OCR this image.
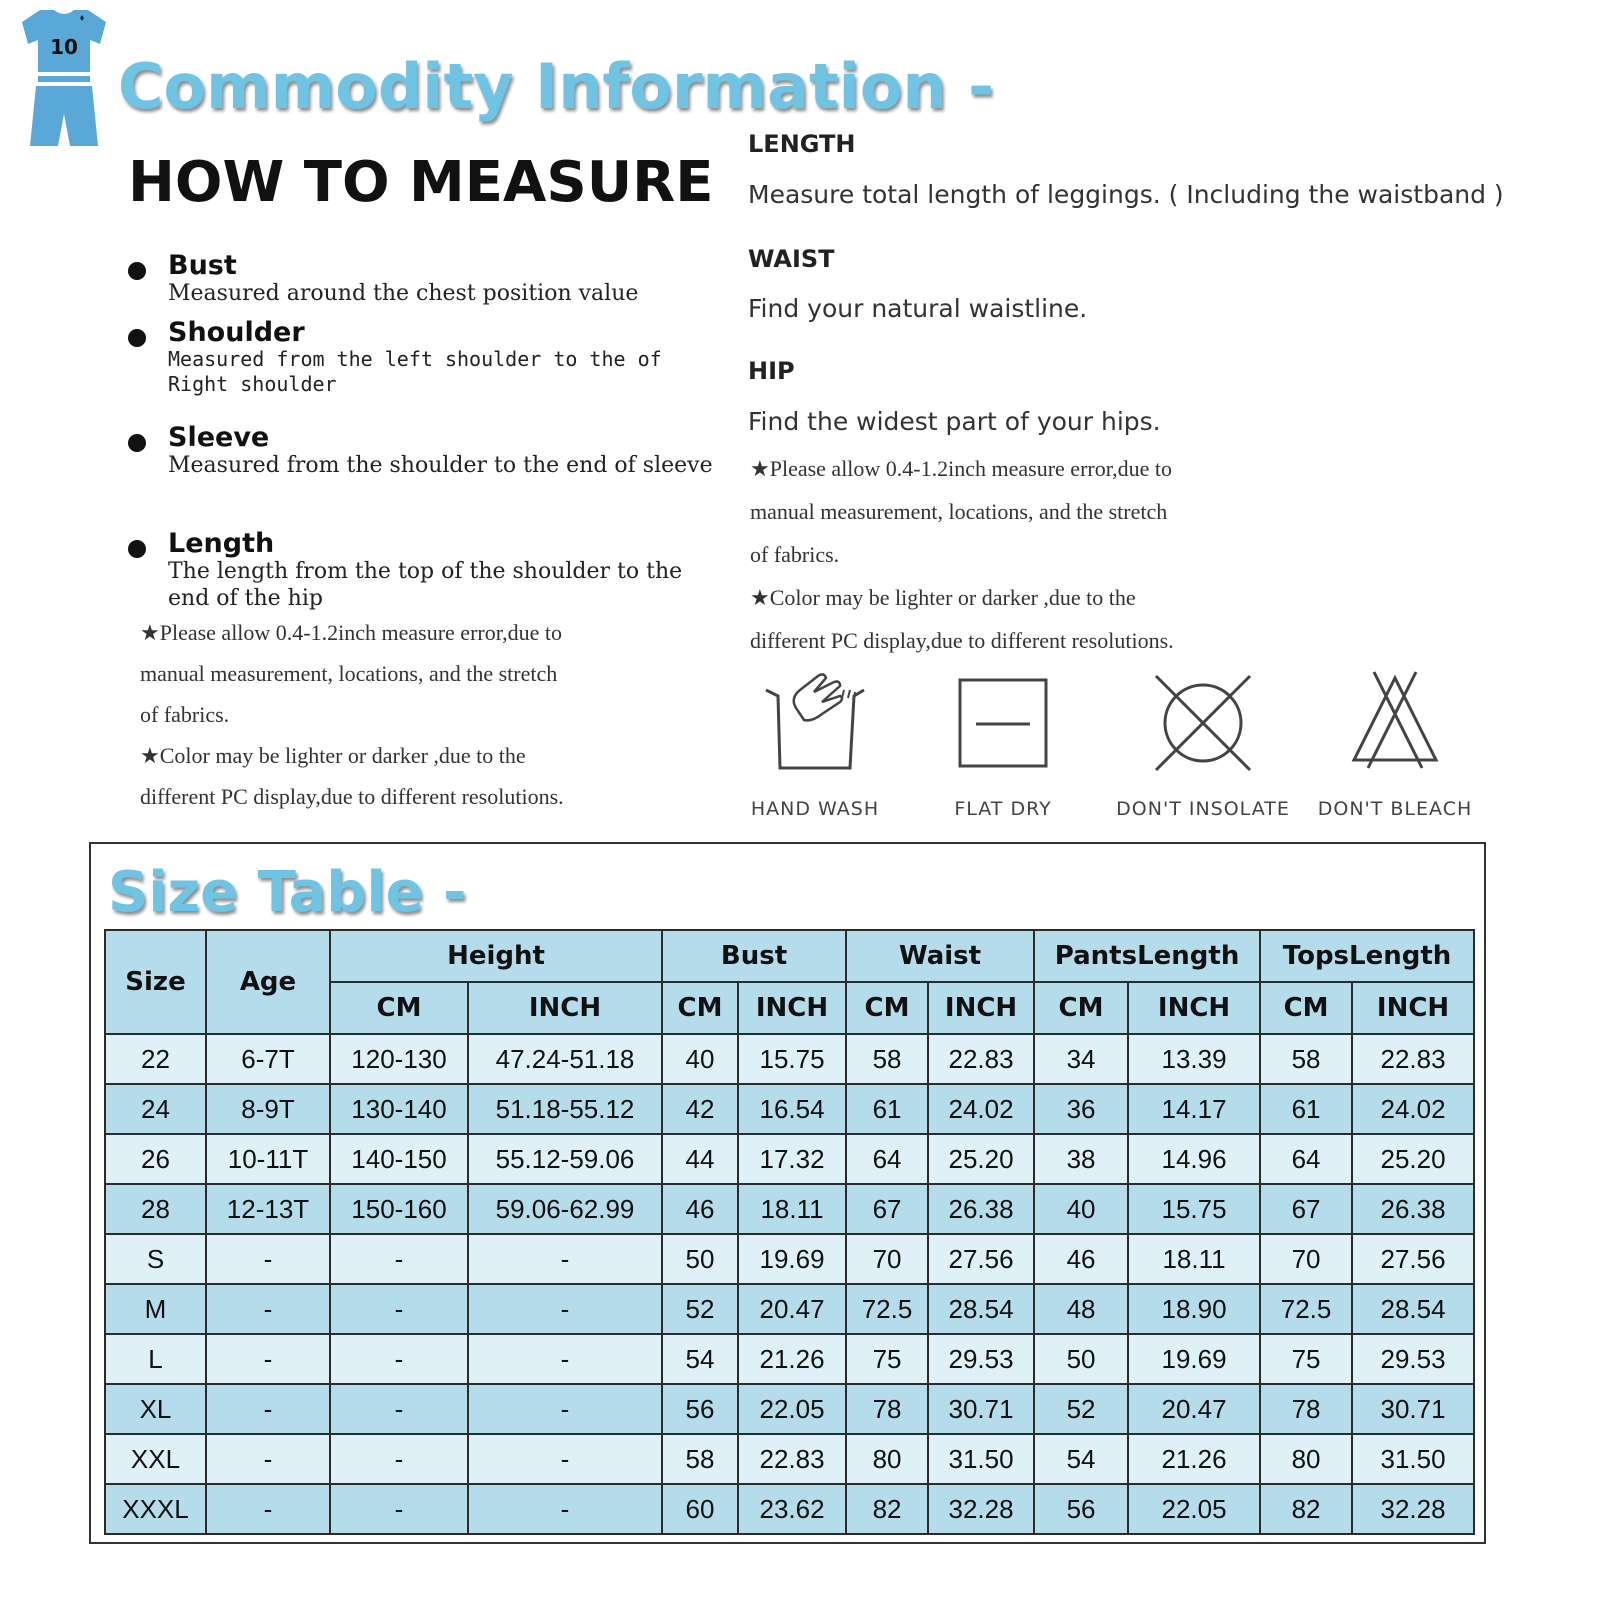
10
Commodity Information -
HOW TO MEASURE
Bust
Measured around the chest position value
Shoulder
Measured from the left shoulder to the of Right shoulder
Sleeve
Measured from the shoulder to the end of sleeve
Length
The length from the top of the shoulder to the end of the hip
★Please allow 0.4-1.2inch measure error,due to
manual measurement, locations, and the stretch
of fabrics.
★Color may be lighter or darker ,due to the
different PC display,due to different resolutions.
LENGTH
Measure total length of leggings. ( Including the waistband )
WAIST
Find your natural waistline.
HIP
Find the widest part of your hips.
★Please allow 0.4-1.2inch measure error,due to
manual measurement, locations, and the stretch
of fabrics.
★Color may be lighter or darker ,due to the
different PC display,due to different resolutions.
HAND WASH	FLAT DRY	DON'T INSOLATE	DON'T BLEACH
Size Table -
Size	Age	Height		Bust		Waist		PantsLength		TopsLength	
		CM	INCH	CM	INCH	CM	INCH	CM	INCH	CM	INCH
22	6-7T	120-130	47.24-51.18	40	15.75	58	22.83	34	13.39	58	22.83
24	8-9T	130-140	51.18-55.12	42	16.54	61	24.02	36	14.17	61	24.02
26	10-11T	140-150	55.12-59.06	44	17.32	64	25.20	38	14.96	64	25.20
28	12-13T	150-160	59.06-62.99	46	18.11	67	26.38	40	15.75	67	26.38
S	-	-	-	50	19.69	70	27.56	46	18.11	70	27.56
M	-	-	-	52	20.47	72.5	28.54	48	18.90	72.5	28.54
L	-	-	-	54	21.26	75	29.53	50	19.69	75	29.53
XL	-	-	-	56	22.05	78	30.71	52	20.47	78	30.71
XXL	-	-	-	58	22.83	80	31.50	54	21.26	80	31.50
XXXL	-	-	-	60	23.62	82	32.28	56	22.05	82	32.28
